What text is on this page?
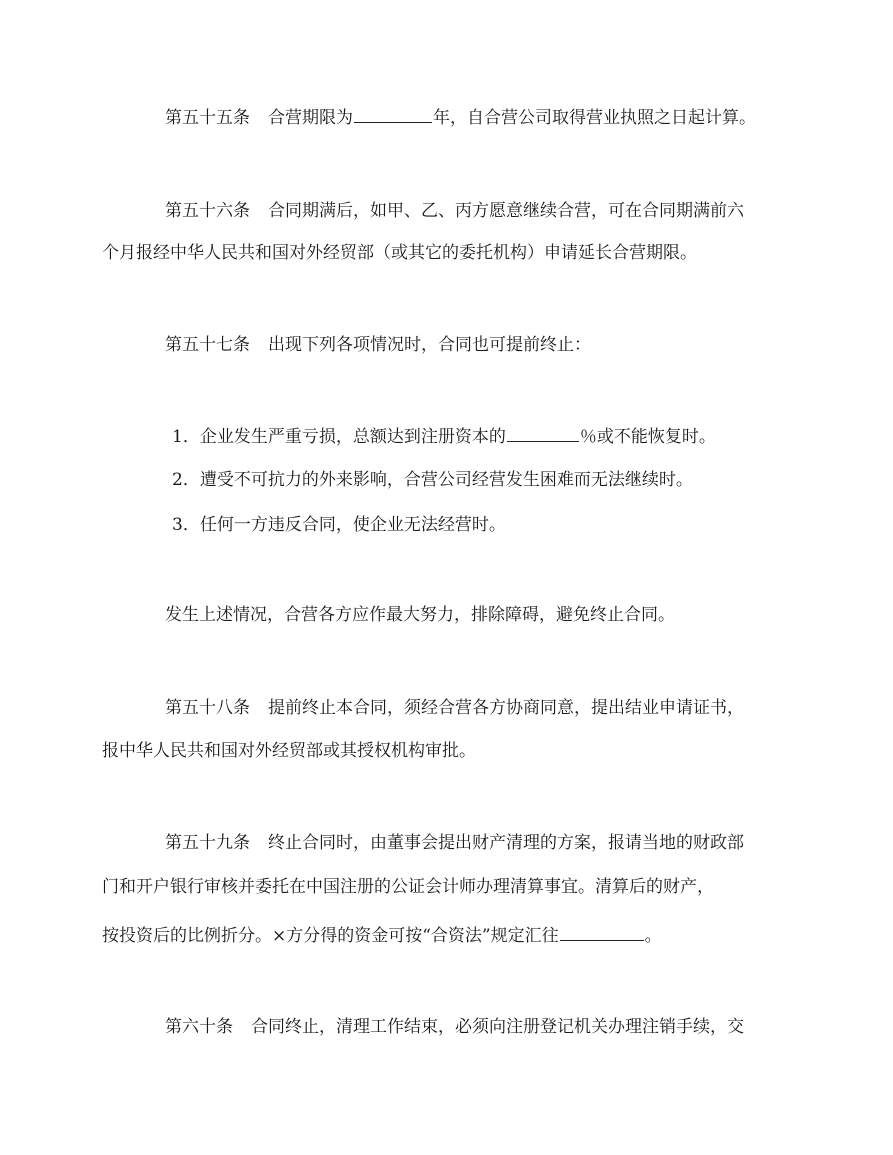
第五十五条 合营期限为	年，自合营公司取得营业执照之日起计算。
第五十六条 合同期满后，如甲、乙、丙方愿意继续合营，可在合同期满前六
个月报经中华人民共和国对外经贸部（或其它的委托机构）申请延长合营期限。
第五十七条 出现下列各项情况时，合同也可提前终止：
1．企业发生严重亏损，总额达到注册资本的	％或不能恢复时。
2．遭受不可抗力的外来影响，合营公司经营发生困难而无法继续时。
3．任何一方违反合同，使企业无法经营时。
发生上述情况，合营各方应作最大努力，排除障碍，避免终止合同。
第五十八条 提前终止本合同，须经合营各方协商同意，提出结业申请证书，
报中华人民共和国对外经贸部或其授权机构审批。
第五十九条 终止合同时，由董事会提出财产清理的方案，报请当地的财政部
门和开户银行审核并委托在中国注册的公证会计师办理清算事宜。清算后的财产，
按投资后的比例折分。×方分得的资金可按“合资法”规定汇往	。
第六十条 合同终止，清理工作结束，必须向注册登记机关办理注销手续，交
